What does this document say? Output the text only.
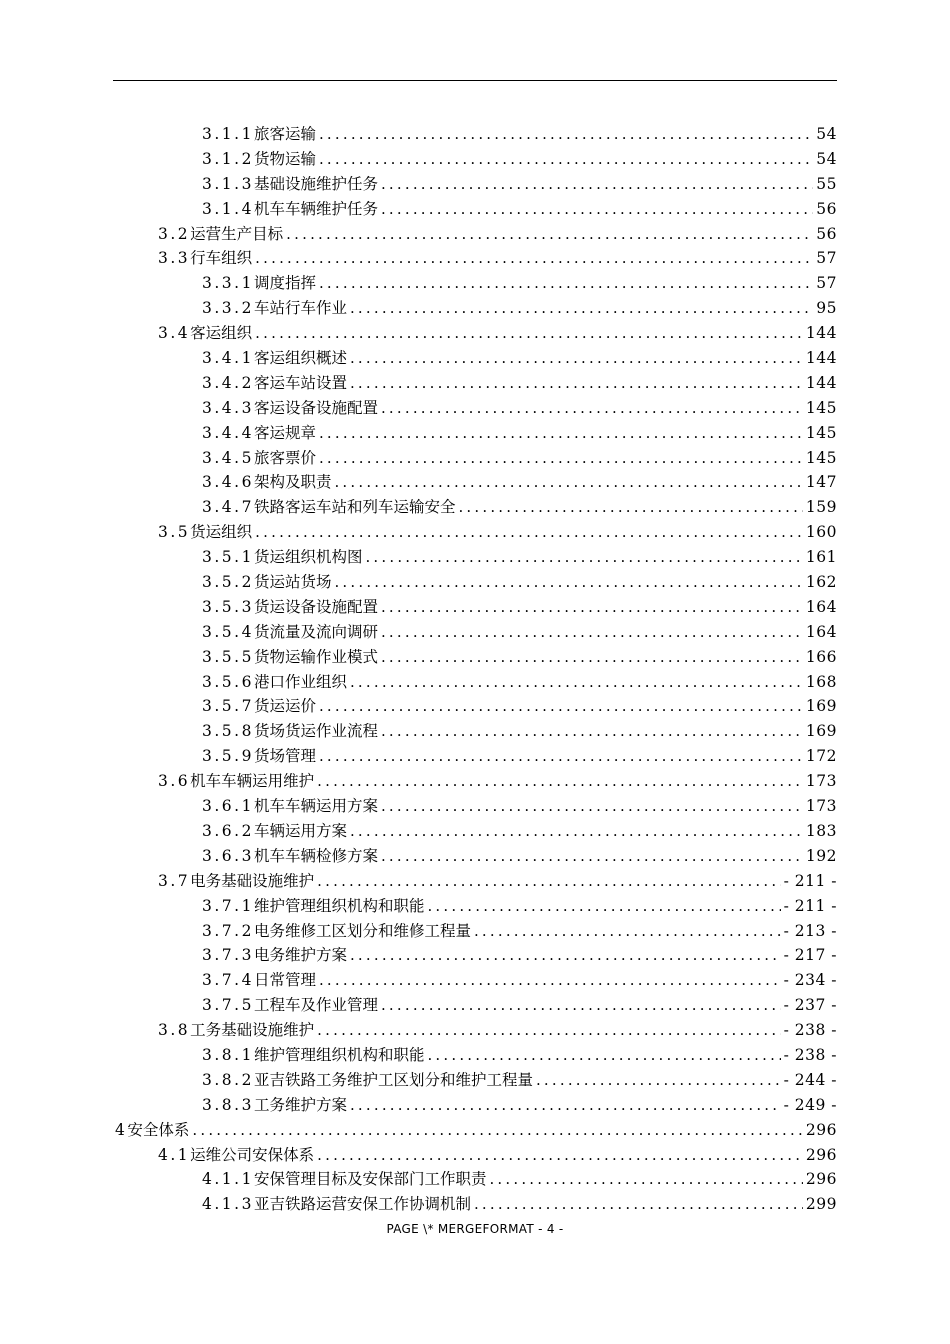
3.1.1 旅客运输 .....	54
3.1.2 货物运输 .....	54
3.1.3 基础设施维护任务 .....	55
3.1.4 机车车辆维护任务 .....	56
3.2 运营生产目标 .....	56
3.3 行车组织 .....	57
3.3.1 调度指挥 .....	57
3.3.2 车站行车作业 .....	95
3.4 客运组织 .....	144
3.4.1 客运组织概述 .....	144
3.4.2 客运车站设置 .....	144
3.4.3 客运设备设施配置 .....	145
3.4.4 客运规章 .....	145
3.4.5 旅客票价 .....	145
3.4.6 架构及职责 .....	147
3.4.7 铁路客运车站和列车运输安全 .....	159
3.5 货运组织 .....	160
3.5.1 货运组织机构图 .....	161
3.5.2 货运站货场 .....	162
3.5.3 货运设备设施配置 .....	164
3.5.4 货流量及流向调研 .....	164
3.5.5 货物运输作业模式 .....	166
3.5.6 港口作业组织 .....	168
3.5.7 货运运价 .....	169
3.5.8 货场货运作业流程 .....	169
3.5.9 货场管理 .....	172
3.6 机车车辆运用维护 .....	173
3.6.1 机车车辆运用方案 .....	173
3.6.2 车辆运用方案 .....	183
3.6.3 机车车辆检修方案 .....	192
3.7 电务基础设施维护 .....	- 211 -
3.7.1 维护管理组织机构和职能 .....	- 211 -
3.7.2 电务维修工区划分和维修工程量 .....	- 213 -
3.7.3 电务维护方案 .....	- 217 -
3.7.4 日常管理 .....	- 234 -
3.7.5 工程车及作业管理 .....	- 237 -
3.8 工务基础设施维护 .....	- 238 -
3.8.1 维护管理组织机构和职能 .....	- 238 -
3.8.2 亚吉铁路工务维护工区划分和维护工程量 .....	- 244 -
3.8.3 工务维护方案 .....	- 249 -
4 安全体系 .....	296
4.1 运维公司安保体系 .....	296
4.1.1 安保管理目标及安保部门工作职责 .....	296
4.1.3 亚吉铁路运营安保工作协调机制 .....	299
PAGE \* MERGEFORMAT - 4 -
